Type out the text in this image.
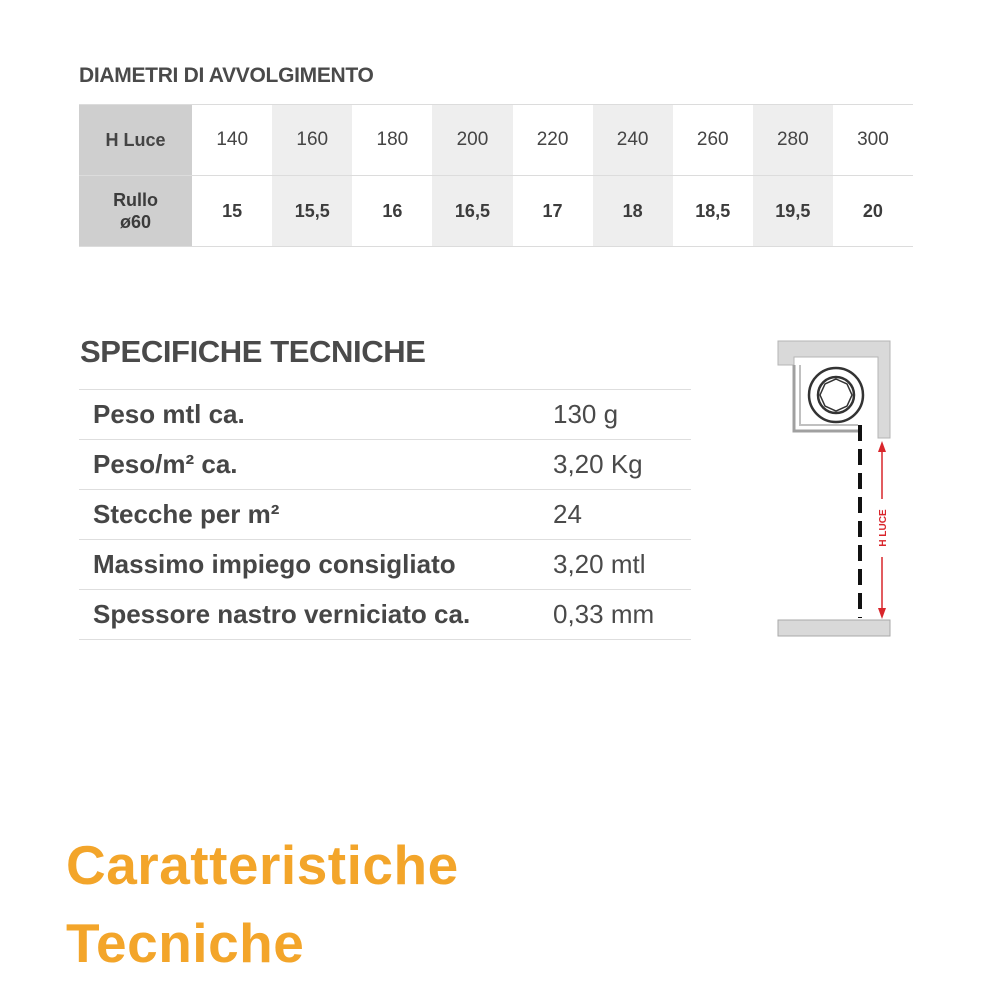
DIAMETRI DI AVVOLGIMENTO
H Luce	140	160	180	200	220	240	260	280	300
Rullo
ø60	15	15,5	16	16,5	17	18	18,5	19,5	20
SPECIFICHE TECNICHE
Peso mtl ca.	130 g
Peso/m² ca.	3,20 Kg
Stecche per m²	24
Massimo impiego consigliato	3,20 mtl
Spessore nastro verniciato ca.	0,33 mm
H LUCE
Caratteristiche
Tecniche
